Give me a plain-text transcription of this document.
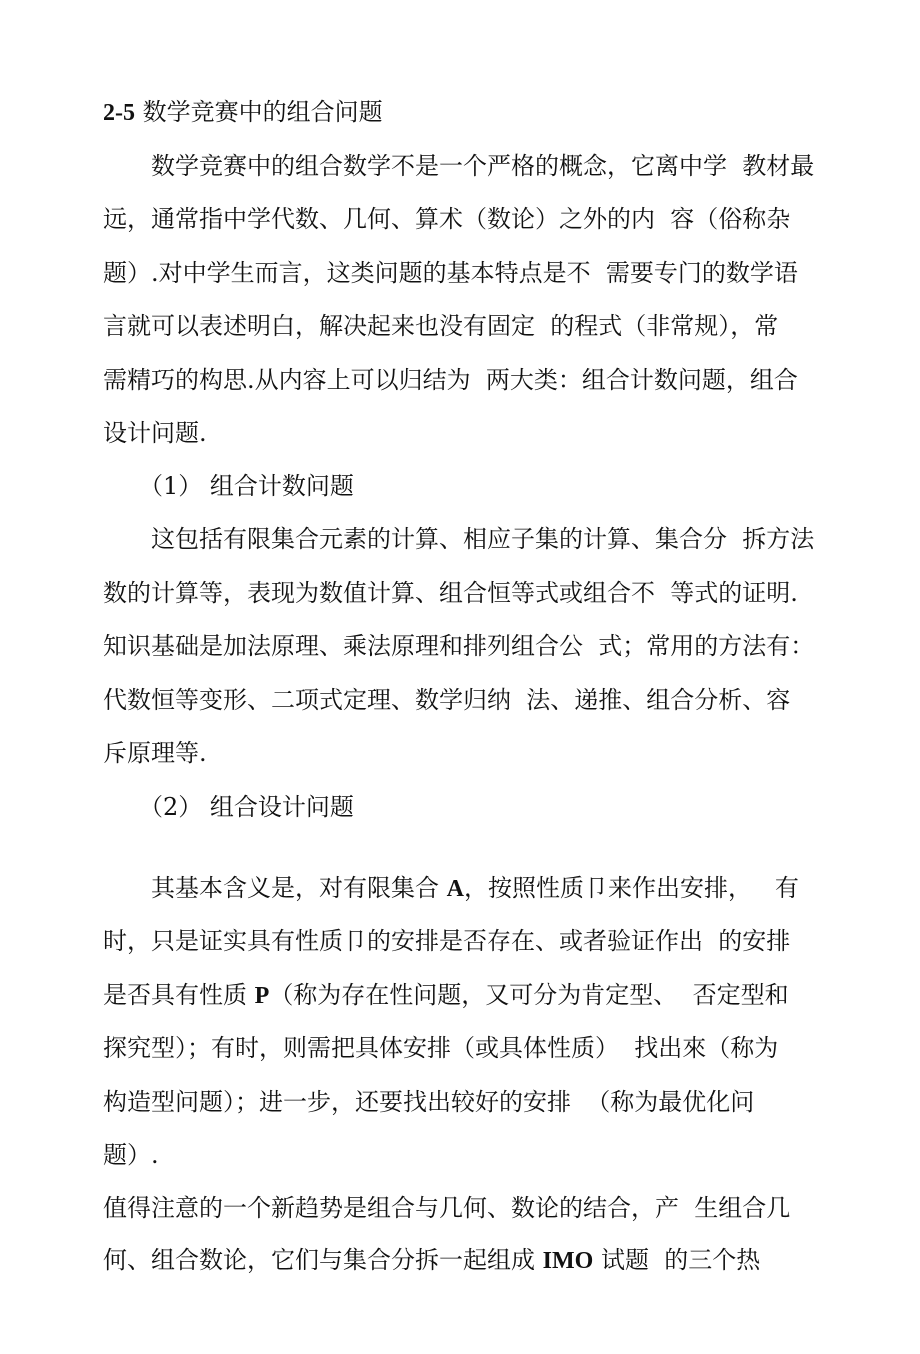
2-5 数学竞赛中的组合问题
　　数学竞赛中的组合数学不是一个严格的概念，它离中学  教材最
远，通常指中学代数、几何、算术（数论）之外的内  容（俗称杂
题）.对中学生而言，这类问题的基本特点是不  需要专门的数学语
言就可以表述明白，解决起来也没有固定  的程式（非常规），常
需精巧的构思.从内容上可以归结为  两大类：组合计数问题，组合
设计问题.
　　（1） 组合计数问题
　　这包括有限集合元素的计算、相应子集的计算、集合分  拆方法
数的计算等，表现为数值计算、组合恒等式或组合不  等式的证明.
知识基础是加法原理、乘法原理和排列组合公  式；常用的方法有：
代数恒等变形、二项式定理、数学归纳  法、递推、组合分析、容
斥原理等.
　　（2） 组合设计问题
　　其基本含义是，对有限集合 A，按照性质卩来作出安排，   有
时，只是证实具有性质卩的安排是否存在、或者验证作出  的安排
是否具有性质 P（称为存在性问题，又可分为肯定型、  否定型和
探究型）；有时，则需把具体安排（或具体性质）  找出來（称为
构造型问题）；进一步，还要找出较好的安排  （称为最优化问
题）.
值得注意的一个新趋势是组合与几何、数论的结合，产  生组合几
何、组合数论，它们与集合分拆一起组成 IMO 试题  的三个热
